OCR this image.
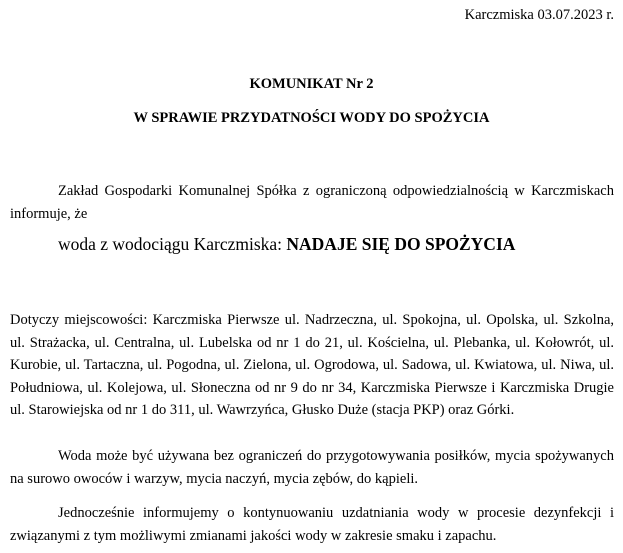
Karczmiska 03.07.2023 r.
KOMUNIKAT Nr 2
W SPRAWIE PRZYDATNOŚCI WODY DO SPOŻYCIA
Zakład Gospodarki Komunalnej Spółka z ograniczoną odpowiedzialnością w Karczmiskach informuje, że
woda z wodociągu Karczmiska: NADAJE SIĘ DO SPOŻYCIA
Dotyczy miejscowości: Karczmiska Pierwsze ul. Nadrzeczna, ul. Spokojna, ul. Opolska, ul. Szkolna, ul. Strażacka, ul. Centralna, ul. Lubelska od nr 1 do 21, ul. Kościelna, ul. Plebanka, ul. Kołowrót, ul. Kurobie, ul. Tartaczna, ul. Pogodna, ul. Zielona, ul. Ogrodowa, ul. Sadowa, ul. Kwiatowa, ul. Niwa, ul. Południowa, ul. Kolejowa, ul. Słoneczna od nr 9 do nr 34, Karczmiska Pierwsze i Karczmiska Drugie ul. Starowiejska od nr 1 do 311, ul. Wawrzyńca, Głusko Duże (stacja PKP) oraz Górki.
Woda może być używana bez ograniczeń do przygotowywania posiłków, mycia spożywanych na surowo owoców i warzyw, mycia naczyń, mycia zębów, do kąpieli.
Jednocześnie informujemy o kontynuowaniu uzdatniania wody w procesie dezynfekcji i związanymi z tym możliwymi zmianami jakości wody w zakresie smaku i zapachu.
